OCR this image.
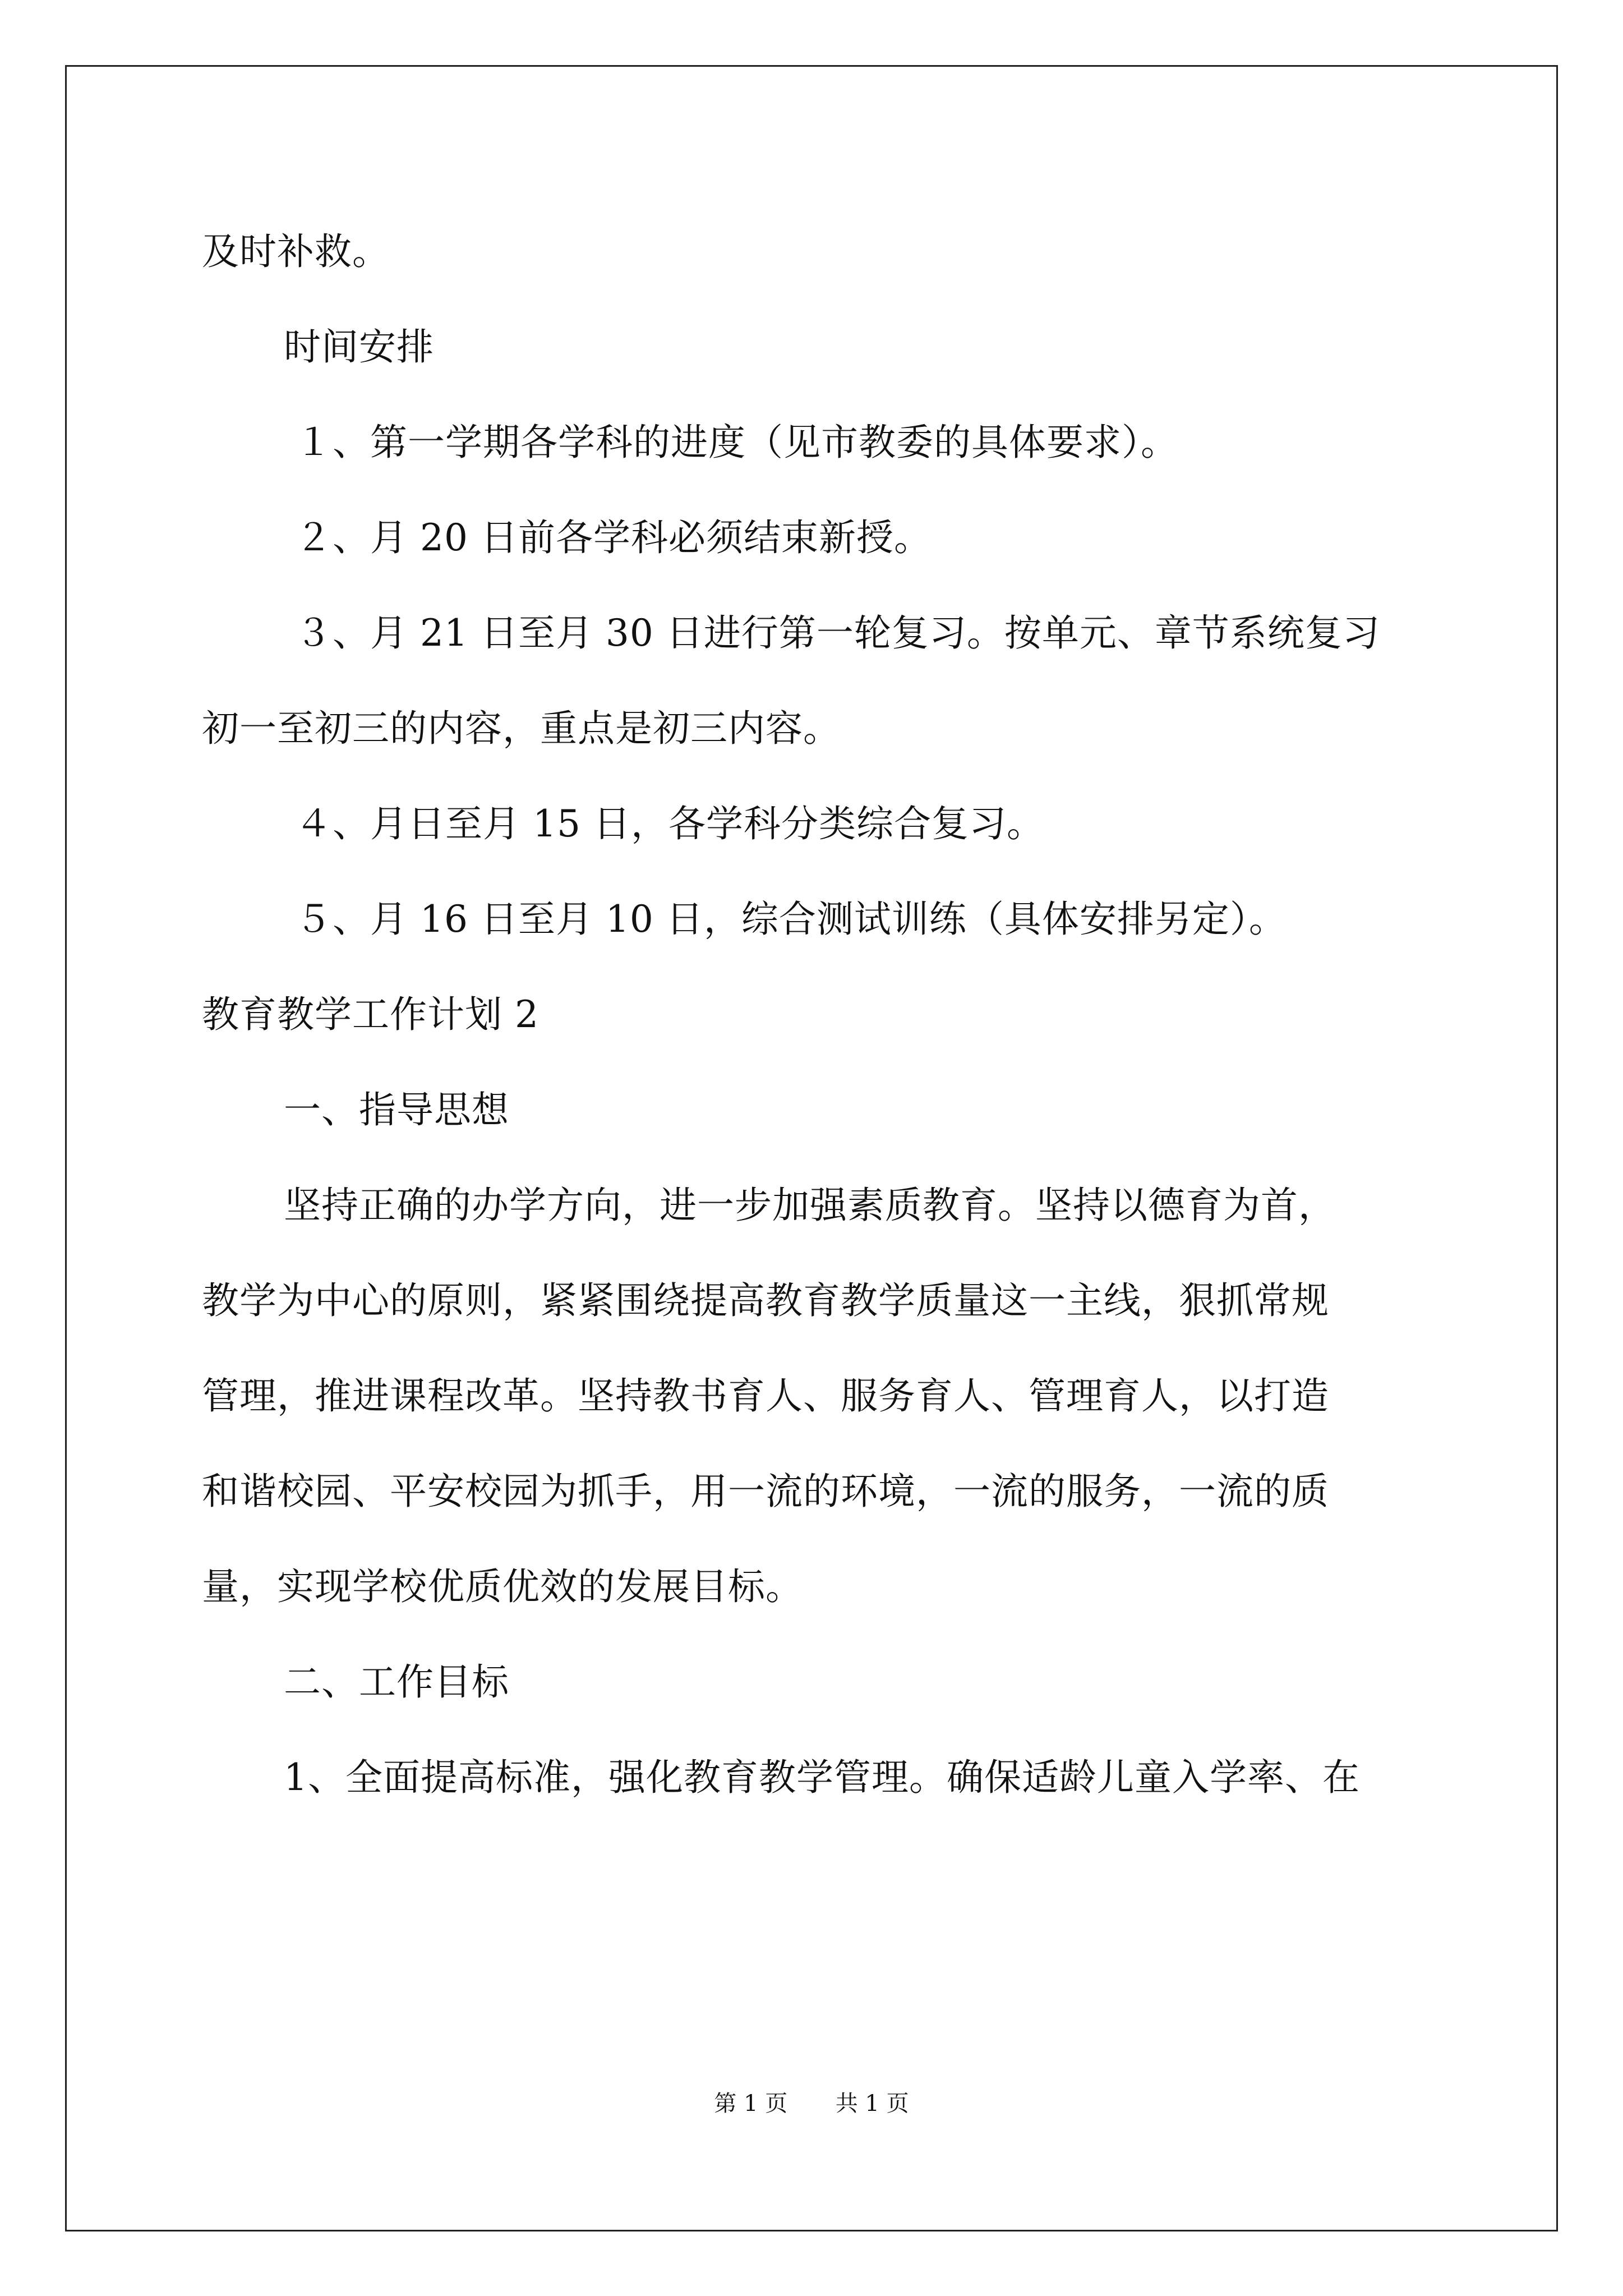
及时补救。
时间安排
１、第一学期各学科的进度（见市教委的具体要求）。
２、月 20 日前各学科必须结束新授。
３、月 21 日至月 30 日进行第一轮复习。按单元、章节系统复习
初一至初三的内容，重点是初三内容。
４、月日至月 15 日，各学科分类综合复习。
５、月 16 日至月 10 日，综合测试训练（具体安排另定）。
教育教学工作计划 2
一、指导思想
坚持正确的办学方向，进一步加强素质教育。坚持以德育为首，
教学为中心的原则，紧紧围绕提高教育教学质量这一主线，狠抓常规
管理，推进课程改革。坚持教书育人、服务育人、管理育人，以打造
和谐校园、平安校园为抓手，用一流的环境，一流的服务，一流的质
量，实现学校优质优效的发展目标。
二、工作目标
1、全面提高标准，强化教育教学管理。确保适龄儿童入学率、在
第 1 页 共 1 页
